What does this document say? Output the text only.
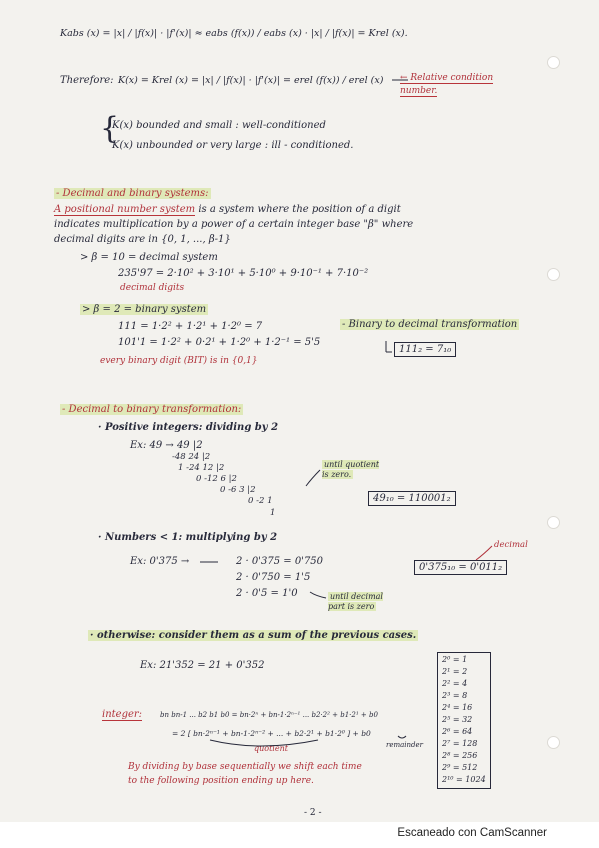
Kabs (x) = |x| / |f(x)| · |f'(x)| ≈ eabs (f(x)) / eabs (x) · |x| / |f(x)| = Krel (x).
Therefore: K(x) = Krel (x) = |x| / |f(x)| · |f'(x)| = erel (f(x)) / erel (x) ← Relative condition number.
{
K(x) bounded and small : well-conditioned
K(x) unbounded or very large : ill - conditioned.
- Decimal and binary systems:
A positional number system is a system where the position of a digit
indicates multiplication by a power of a certain integer base "β" where
decimal digits are in {0, 1, ..., β-1}
> β = 10 = decimal system
235'97 = 2·10² + 3·10¹ + 5·10⁰ + 9·10⁻¹ + 7·10⁻²
decimal digits
> β = 2 = binary system
111 = 1·2² + 1·2¹ + 1·2⁰ = 7
101'1 = 1·2² + 0·2¹ + 1·2⁰ + 1·2⁻¹ = 5'5
every binary digit (BIT) is in {0,1}
- Binary to decimal transformation
111₂ = 7₁₀
- Decimal to binary transformation:
· Positive integers: dividing by 2
Ex: 49 → 49 |2
-48 24 |2
1 -24 12 |2
0 -12 6 |2
0 -6 3 |2
0 -2 1
1
until quotient is zero.
49₁₀ = 110001₂
· Numbers < 1: multiplying by 2
Ex: 0'375 →	2 · 0'375 = 0'750
2 · 0'750 = 1'5
2 · 0'5 = 1'0	until decimal part is zero
0'375₁₀ = 0'011₂
decimal
· otherwise: consider them as a sum of the previous cases.
Ex: 21'352 = 21 + 0'352
integer:	bn bn-1 ... b2 b1 b0 = bn·2ⁿ + bn-1·2ⁿ⁻¹ ... b2·2² + b1·2¹ + b0
= 2 [ bn·2ⁿ⁻¹ + bn-1·2ⁿ⁻² + ... + b2·2¹ + b1·2⁰ ] + b0
quotient	remainder
By dividing by base sequentially we shift each time
to the following position ending up here.
2⁰ = 1
2¹ = 2
2² = 4
2³ = 8
2⁴ = 16
2⁵ = 32
2⁶ = 64
2⁷ = 128
2⁸ = 256
2⁹ = 512
2¹⁰ = 1024
- 2 -
Escaneado con CamScanner
